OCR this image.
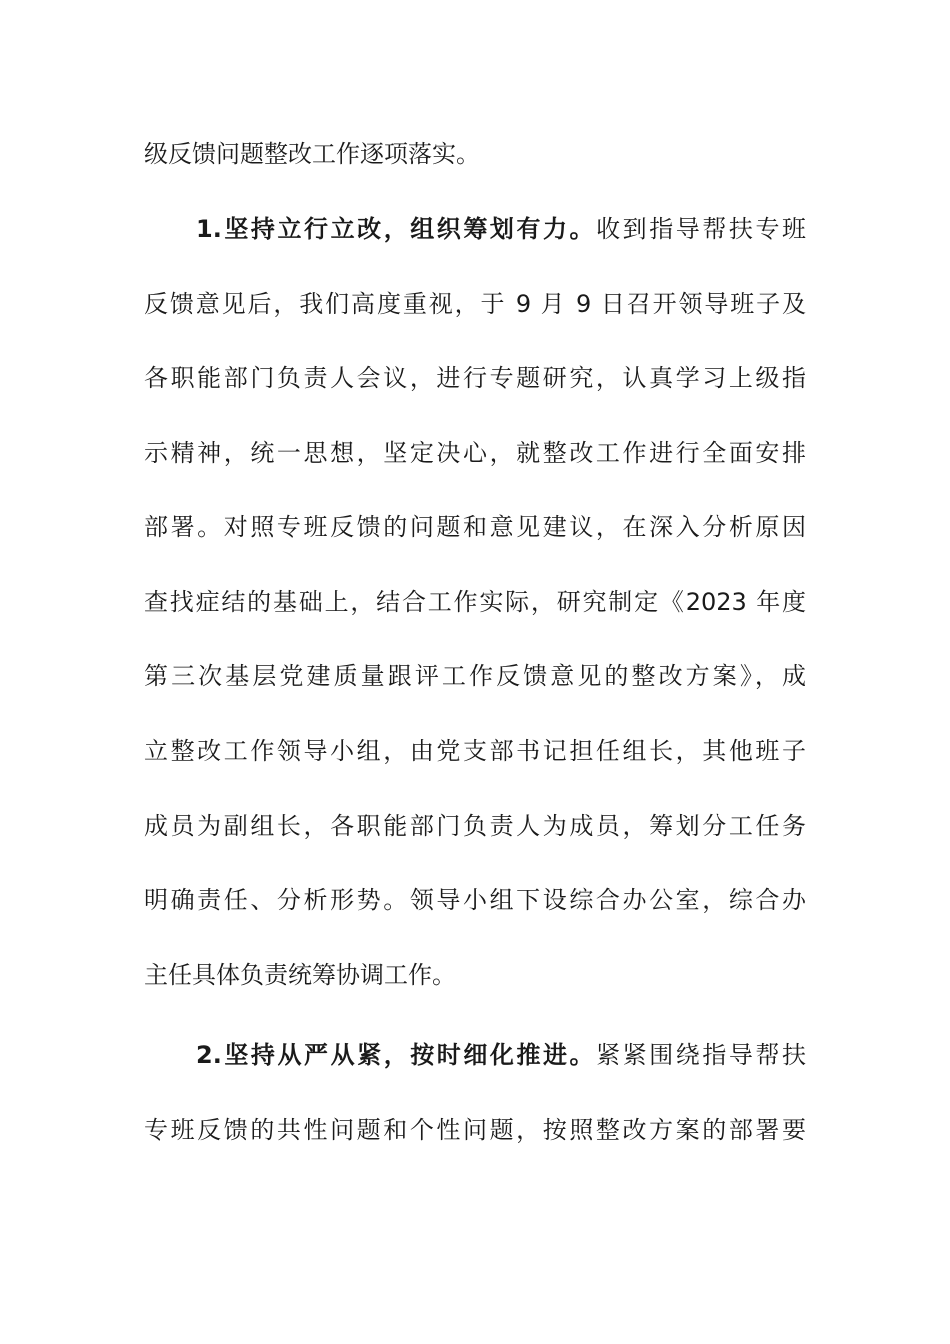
级反馈问题整改工作逐项落实。
1.坚持立行立改，组织筹划有力。收到指导帮扶专班
反馈意见后，我们高度重视，于 9 月 9 日召开领导班子及
各职能部门负责人会议，进行专题研究，认真学习上级指
示精神，统一思想，坚定决心，就整改工作进行全面安排
部署。对照专班反馈的问题和意见建议，在深入分析原因
查找症结的基础上，结合工作实际，研究制定《2023 年度
第三次基层党建质量跟评工作反馈意见的整改方案》，成
立整改工作领导小组，由党支部书记担任组长，其他班子
成员为副组长，各职能部门负责人为成员，筹划分工任务
明确责任、分析形势。领导小组下设综合办公室，综合办
主任具体负责统筹协调工作。
2.坚持从严从紧，按时细化推进。紧紧围绕指导帮扶
专班反馈的共性问题和个性问题，按照整改方案的部署要
